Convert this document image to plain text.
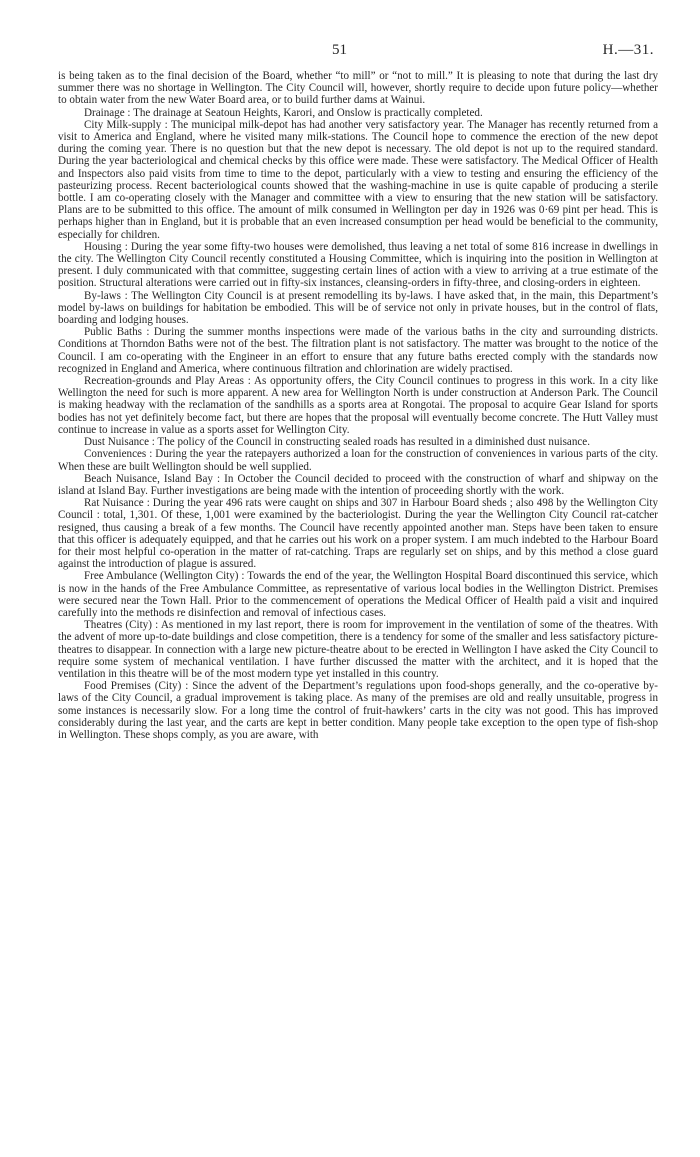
51	H.—31.

is being taken as to the final decision of the Board, whether “to mill” or “not to mill.” It is pleasing to note that during the last dry summer there was no shortage in Wellington. The City Council will, however, shortly require to decide upon future policy—whether to obtain water from the new Water Board area, or to build further dams at Wainui.

Drainage : The drainage at Seatoun Heights, Karori, and Onslow is practically completed.

City Milk-supply : The municipal milk-depot has had another very satisfactory year. The Manager has recently returned from a visit to America and England, where he visited many milk-stations. The Council hope to commence the erection of the new depot during the coming year. There is no question but that the new depot is necessary. The old depot is not up to the required standard. During the year bacteriological and chemical checks by this office were made. These were satisfactory. The Medical Officer of Health and Inspectors also paid visits from time to time to the depot, particularly with a view to testing and ensuring the efficiency of the pasteurizing process. Recent bacteriological counts showed that the washing-machine in use is quite capable of producing a sterile bottle. I am co-operating closely with the Manager and committee with a view to ensuring that the new station will be satisfactory. Plans are to be submitted to this office. The amount of milk consumed in Wellington per day in 1926 was 0·69 pint per head. This is perhaps higher than in England, but it is probable that an even increased consumption per head would be beneficial to the community, especially for children.

Housing : During the year some fifty-two houses were demolished, thus leaving a net total of some 816 increase in dwellings in the city. The Wellington City Council recently constituted a Housing Committee, which is inquiring into the position in Wellington at present. I duly communicated with that committee, suggesting certain lines of action with a view to arriving at a true estimate of the position. Structural alterations were carried out in fifty-six instances, cleansing-orders in fifty-three, and closing-orders in eighteen.

By-laws : The Wellington City Council is at present remodelling its by-laws. I have asked that, in the main, this Department’s model by-laws on buildings for habitation be embodied. This will be of service not only in private houses, but in the control of flats, boarding and lodging houses.

Public Baths : During the summer months inspections were made of the various baths in the city and surrounding districts. Conditions at Thorndon Baths were not of the best. The filtration plant is not satisfactory. The matter was brought to the notice of the Council. I am co-operating with the Engineer in an effort to ensure that any future baths erected comply with the standards now recognized in England and America, where continuous filtration and chlorination are widely practised.

Recreation-grounds and Play Areas : As opportunity offers, the City Council continues to progress in this work. In a city like Wellington the need for such is more apparent. A new area for Wellington North is under construction at Anderson Park. The Council is making headway with the reclamation of the sandhills as a sports area at Rongotai. The proposal to acquire Gear Island for sports bodies has not yet definitely become fact, but there are hopes that the proposal will eventually become concrete. The Hutt Valley must continue to increase in value as a sports asset for Wellington City.

Dust Nuisance : The policy of the Council in constructing sealed roads has resulted in a diminished dust nuisance.

Conveniences : During the year the ratepayers authorized a loan for the construction of conveniences in various parts of the city. When these are built Wellington should be well supplied.

Beach Nuisance, Island Bay : In October the Council decided to proceed with the construction of wharf and shipway on the island at Island Bay. Further investigations are being made with the intention of proceeding shortly with the work.

Rat Nuisance : During the year 496 rats were caught on ships and 307 in Harbour Board sheds ; also 498 by the Wellington City Council : total, 1,301. Of these, 1,001 were examined by the bacteriologist. During the year the Wellington City Council rat-catcher resigned, thus causing a break of a few months. The Council have recently appointed another man. Steps have been taken to ensure that this officer is adequately equipped, and that he carries out his work on a proper system. I am much indebted to the Harbour Board for their most helpful co-operation in the matter of rat-catching. Traps are regularly set on ships, and by this method a close guard against the introduction of plague is assured.

Free Ambulance (Wellington City) : Towards the end of the year, the Wellington Hospital Board discontinued this service, which is now in the hands of the Free Ambulance Committee, as representative of various local bodies in the Wellington District. Premises were secured near the Town Hall. Prior to the commencement of operations the Medical Officer of Health paid a visit and inquired carefully into the methods re disinfection and removal of infectious cases.

Theatres (City) : As mentioned in my last report, there is room for improvement in the ventilation of some of the theatres. With the advent of more up-to-date buildings and close competition, there is a tendency for some of the smaller and less satisfactory picture-theatres to disappear. In connection with a large new picture-theatre about to be erected in Wellington I have asked the City Council to require some system of mechanical ventilation. I have further discussed the matter with the architect, and it is hoped that the ventilation in this theatre will be of the most modern type yet installed in this country.

Food Premises (City) : Since the advent of the Department’s regulations upon food-shops generally, and the co-operative by-laws of the City Council, a gradual improvement is taking place. As many of the premises are old and really unsuitable, progress in some instances is necessarily slow. For a long time the control of fruit-hawkers’ carts in the city was not good. This has improved considerably during the last year, and the carts are kept in better condition. Many people take exception to the open type of fish-shop in Wellington. These shops comply, as you are aware, with
